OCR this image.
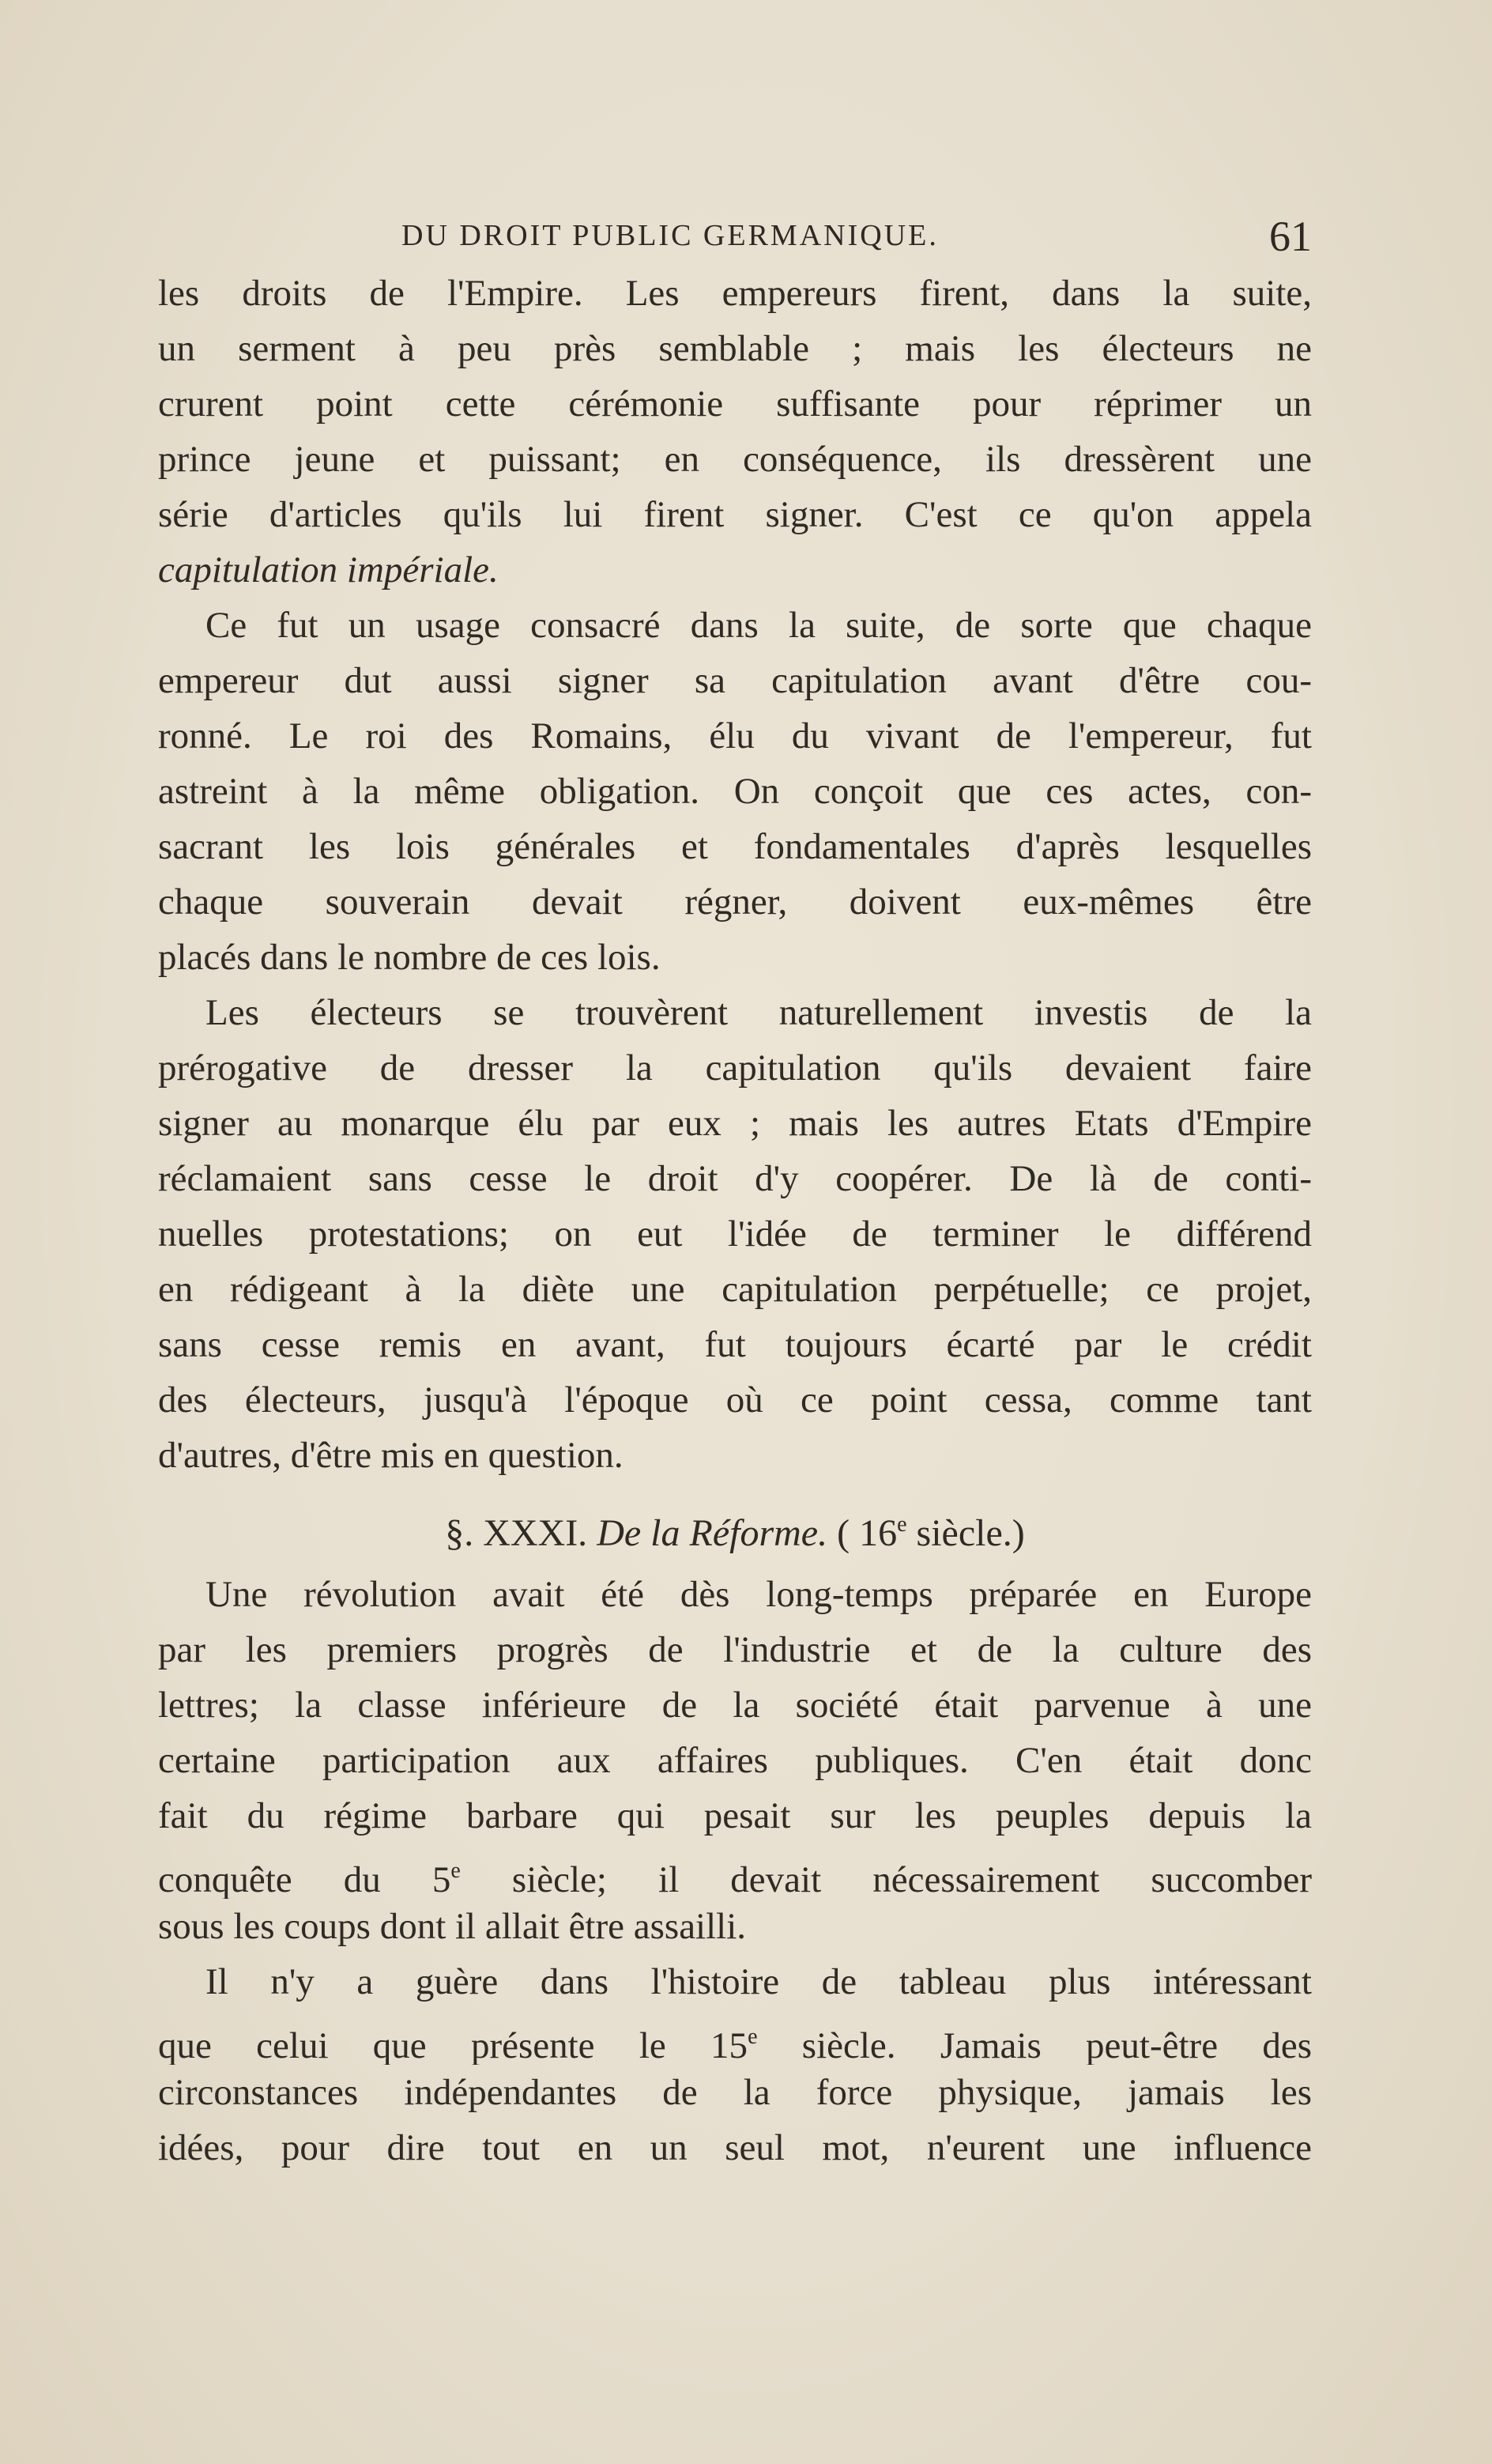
DU DROIT PUBLIC GERMANIQUE.	61
les droits de l'Empire. Les empereurs firent, dans la suite,
un serment à peu près semblable ; mais les électeurs ne
crurent point cette cérémonie suffisante pour réprimer un
prince jeune et puissant; en conséquence, ils dressèrent une
série d'articles qu'ils lui firent signer. C'est ce qu'on appela
capitulation impériale.
Ce fut un usage consacré dans la suite, de sorte que chaque
empereur dut aussi signer sa capitulation avant d'être cou-
ronné. Le roi des Romains, élu du vivant de l'empereur, fut
astreint à la même obligation. On conçoit que ces actes, con-
sacrant les lois générales et fondamentales d'après lesquelles
chaque souverain devait régner, doivent eux-mêmes être
placés dans le nombre de ces lois.
Les électeurs se trouvèrent naturellement investis de la
prérogative de dresser la capitulation qu'ils devaient faire
signer au monarque élu par eux ; mais les autres Etats d'Empire
réclamaient sans cesse le droit d'y coopérer. De là de conti-
nuelles protestations; on eut l'idée de terminer le différend
en rédigeant à la diète une capitulation perpétuelle; ce projet,
sans cesse remis en avant, fut toujours écarté par le crédit
des électeurs, jusqu'à l'époque où ce point cessa, comme tant
d'autres, d'être mis en question.
§. XXXI. De la Réforme. ( 16e siècle.)
Une révolution avait été dès long-temps préparée en Europe
par les premiers progrès de l'industrie et de la culture des
lettres; la classe inférieure de la société était parvenue à une
certaine participation aux affaires publiques. C'en était donc
fait du régime barbare qui pesait sur les peuples depuis la
conquête du 5e siècle; il devait nécessairement succomber
sous les coups dont il allait être assailli.
Il n'y a guère dans l'histoire de tableau plus intéressant
que celui que présente le 15e siècle. Jamais peut-être des
circonstances indépendantes de la force physique, jamais les
idées, pour dire tout en un seul mot, n'eurent une influence
